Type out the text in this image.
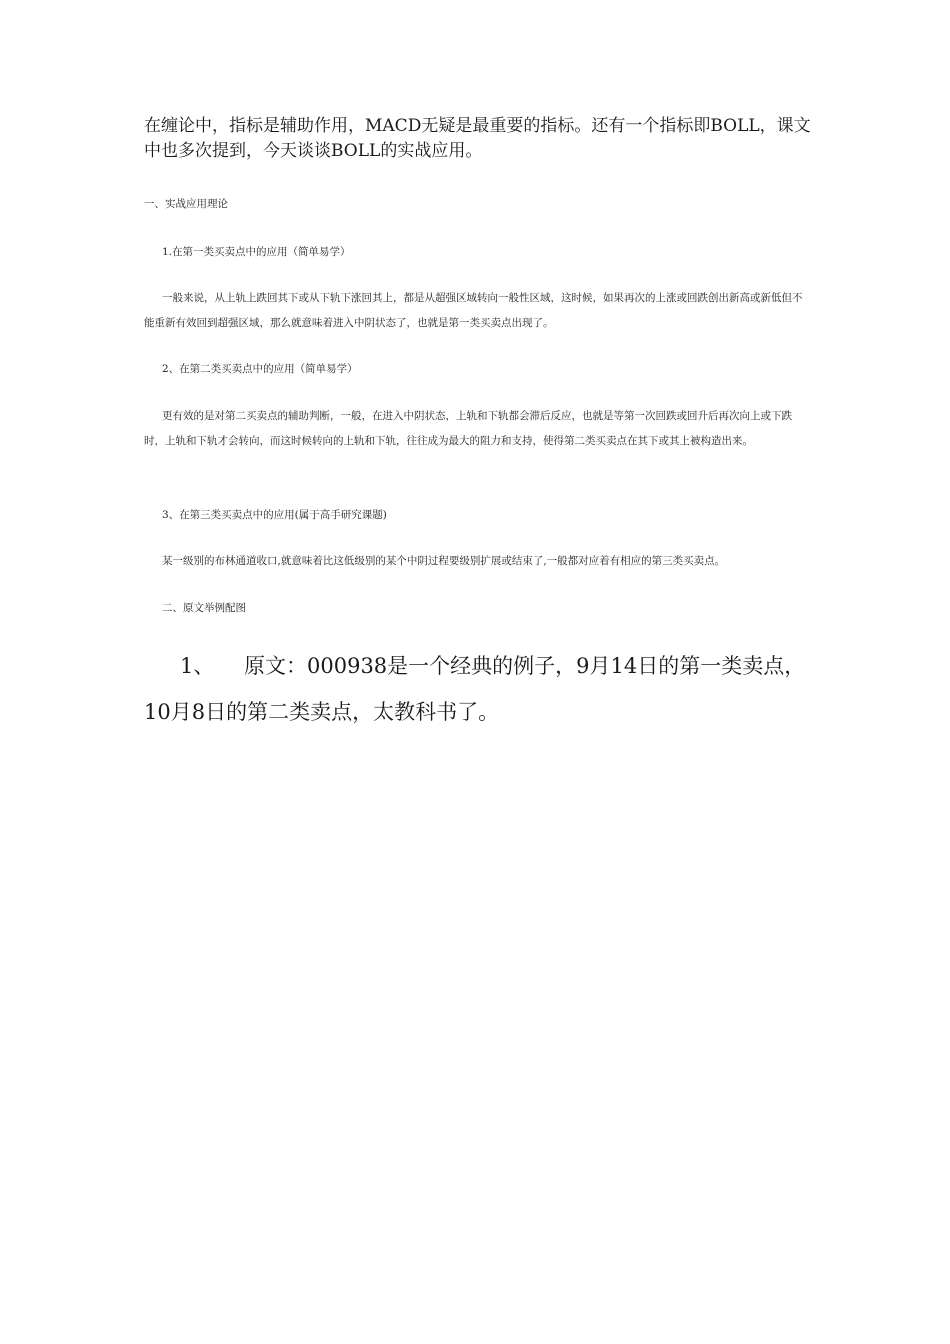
在缠论中，指标是辅助作用，MACD无疑是最重要的指标。还有一个指标即BOLL，课文中也多次提到，今天谈谈BOLL的实战应用。

一、实战应用理论

1.在第一类买卖点中的应用（简单易学）

一般来说，从上轨上跌回其下或从下轨下涨回其上，都是从超强区域转向一般性区域，这时候，如果再次的上涨或回跌创出新高或新低但不能重新有效回到超强区域，那么就意味着进入中阴状态了，也就是第一类买卖点出现了。

2、在第二类买卖点中的应用（简单易学）

更有效的是对第二买卖点的辅助判断，一般，在进入中阴状态，上轨和下轨都会滞后反应，也就是等第一次回跌或回升后再次向上或下跌时，上轨和下轨才会转向，而这时候转向的上轨和下轨，往往成为最大的阻力和支持，使得第二类买卖点在其下或其上被构造出来。

3、在第三类买卖点中的应用(属于高手研究课题)

某一级别的布林通道收口,就意味着比这低级别的某个中阴过程要级别扩展或结束了,一般都对应着有相应的第三类买卖点。

二、原文举例配图

1、 原文：000938是一个经典的例子，9月14日的第一类卖点，10月8日的第二类卖点，太教科书了。
